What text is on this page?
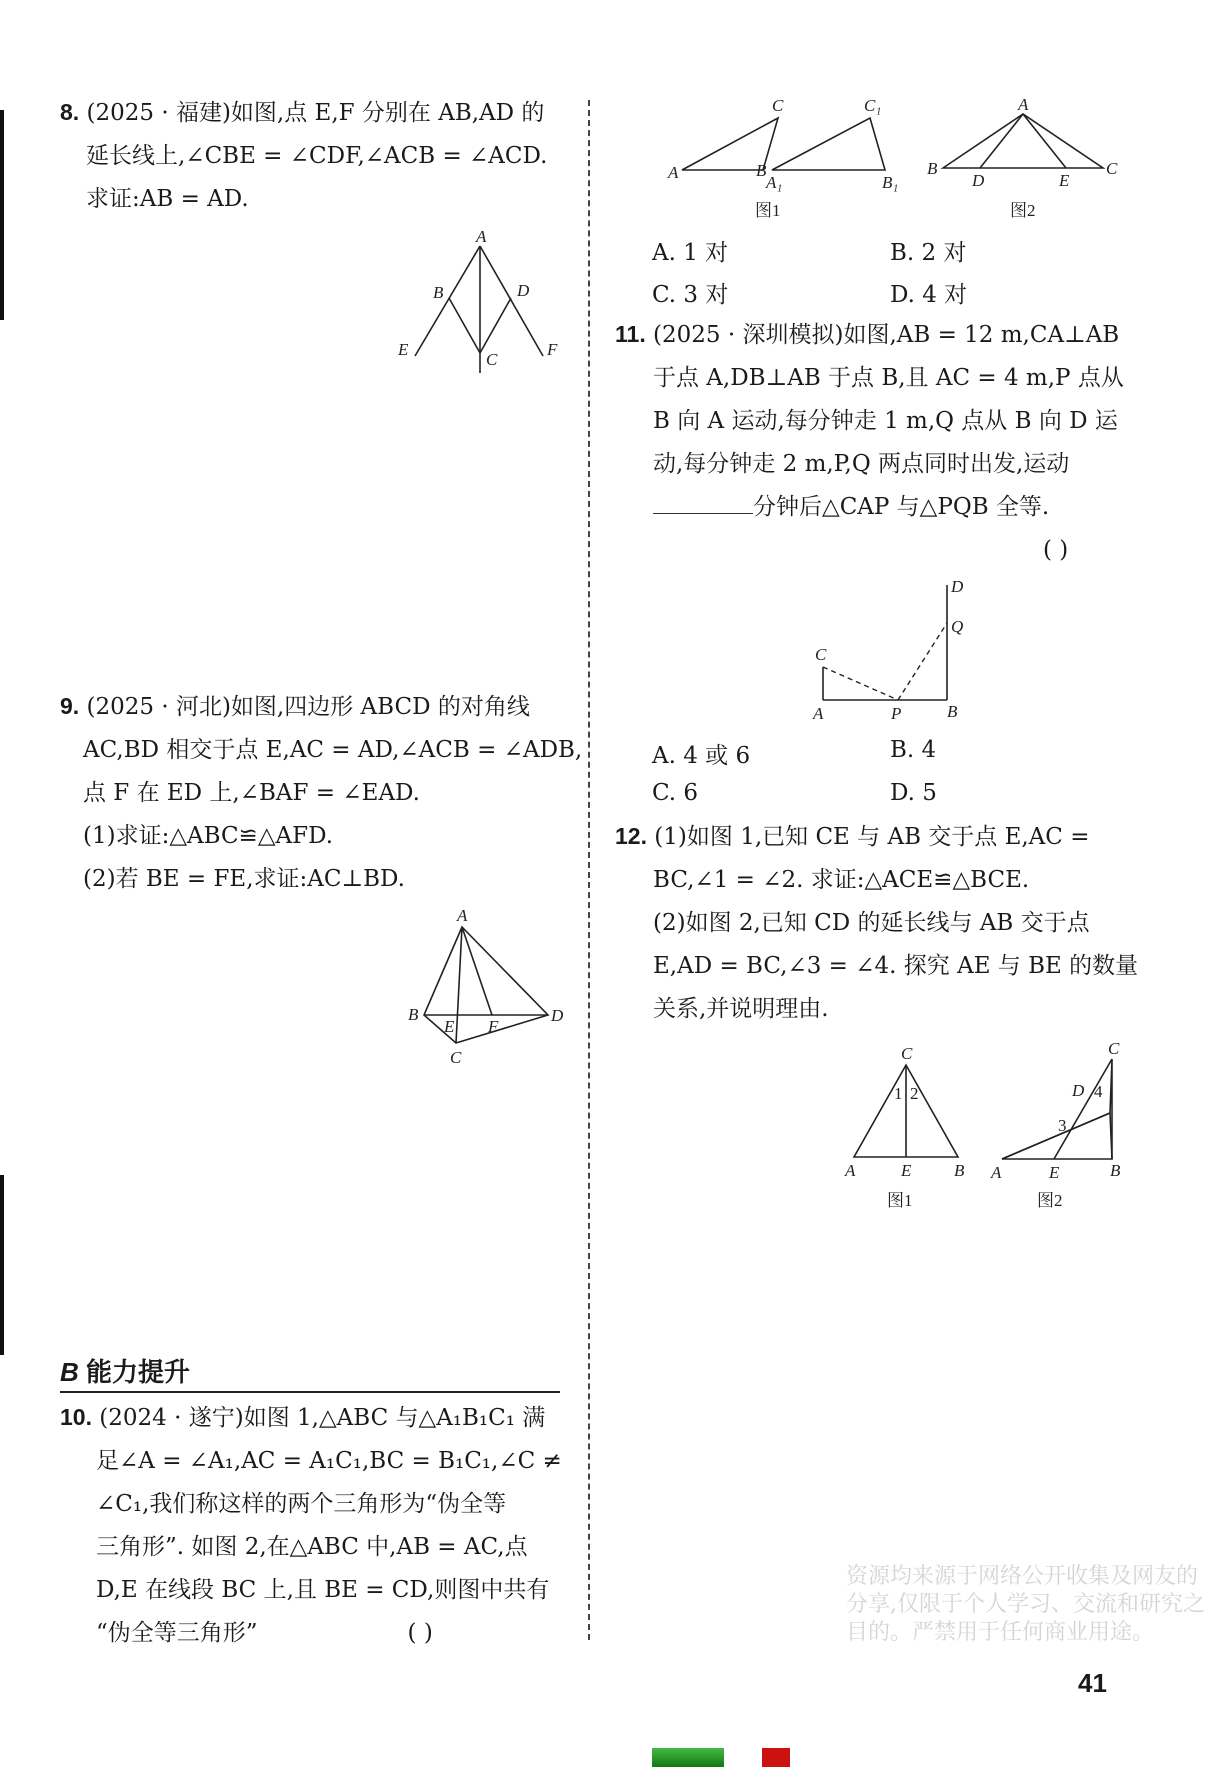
8. (2025 · 福建)如图,点 E,F 分别在 AB,AD 的
延长线上,∠CBE = ∠CDF,∠ACB = ∠ACD.
求证:AB = AD.
A
B	D
E	F
C
9. (2025 · 河北)如图,四边形 ABCD 的对角线
AC,BD 相交于点 E,AC = AD,∠ACB = ∠ADB,
点 F 在 ED 上,∠BAF = ∠EAD.
(1)求证:△ABC≌△AFD.
(2)若 BE = FE,求证:AC⊥BD.
A
B
E F
D
C
B 能力提升
10. (2024 · 遂宁)如图 1,△ABC 与△A₁B₁C₁ 满
足∠A = ∠A₁,AC = A₁C₁,BC = B₁C₁,∠C ≠
∠C₁,我们称这样的两个三角形为“伪全等
三角形”. 如图 2,在△ABC 中,AB = AC,点
D,E 在线段 BC 上,且 BE = CD,则图中共有
“伪全等三角形”	( )
A
C
B
A₁
C₁
B₁
图1
A
B
D	E
C
图2
A. 1 对	B. 2 对
C. 3 对	D. 4 对
11. (2025 · 深圳模拟)如图,AB = 12 m,CA⊥AB
于点 A,DB⊥AB 于点 B,且 AC = 4 m,P 点从
B 向 A 运动,每分钟走 1 m,Q 点从 B 向 D 运
动,每分钟走 2 m,P,Q 两点同时出发,运动
分钟后△CAP 与△PQB 全等.
( )
D
Q
C
A	P	B
A. 4 或 6	B. 4
C. 6	D. 5
12. (1)如图 1,已知 CE 与 AB 交于点 E,AC =
BC,∠1 = ∠2. 求证:△ACE≌△BCE.
(2)如图 2,已知 CD 的延长线与 AB 交于点
E,AD = BC,∠3 = ∠4. 探究 AE 与 BE 的数量
关系,并说明理由.
C
1 2
A	E	B
图1
C
D 4
3
A	E	B
图2
资源均来源于网络公开收集及网友的分享,仅限于个人学习、交流和研究之目的。严禁用于任何商业用途。
41
